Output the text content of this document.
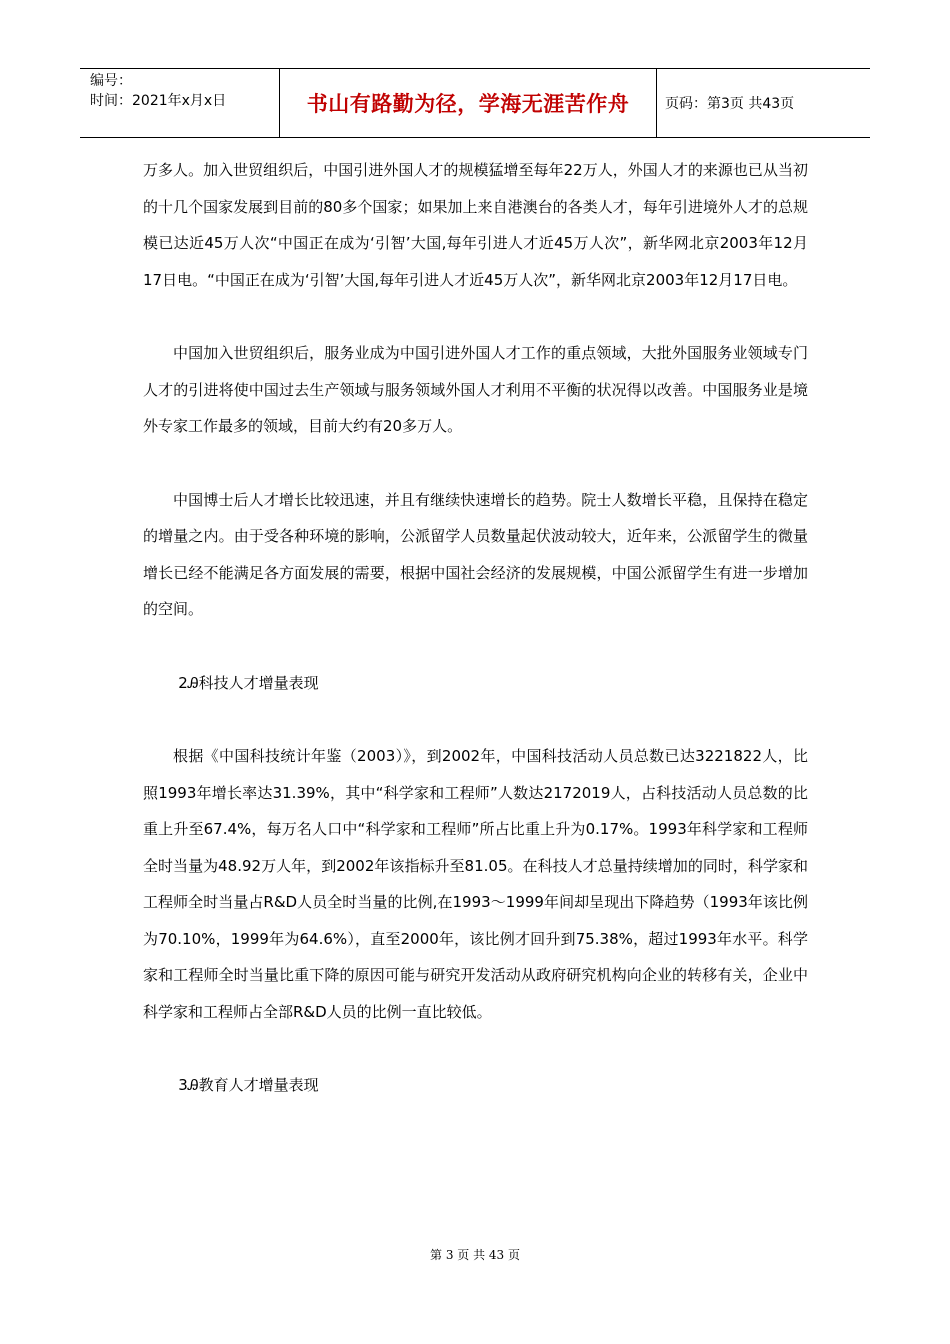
编号：
时间：2021年x月x日	书山有路勤为径，学海无涯苦作舟	页码：第3页 共43页

万多人。加入世贸组织后，中国引进外国人才的规模猛增至每年22万人，外国人才的来源也已从当初的十几个国家发展到目前的80多个国家；如果加上来自港澳台的各类人才，每年引进境外人才的总规模已达近45万人次“中国正在成为‘引智’大国,每年引进人才近45万人次”，新华网北京2003年12月17日电。“中国正在成为‘引智’大国,每年引进人才近45万人次”，新华网北京2003年12月17日电。

中国加入世贸组织后，服务业成为中国引进外国人才工作的重点领域，大批外国服务业领域专门人才的引进将使中国过去生产领域与服务领域外国人才利用不平衡的状况得以改善。中国服务业是境外专家工作最多的领域，目前大约有20多万人。

中国博士后人才增长比较迅速，并且有继续快速增长的趋势。院士人数增长平稳，且保持在稳定的增量之内。由于受各种环境的影响，公派留学人员数量起伏波动较大，近年来，公派留学生的微量增长已经不能满足各方面发展的需要，根据中国社会经济的发展规模，中国公派留学生有进一步增加的空间。

2Ꭿ科技人才增量表现

根据《中国科技统计年鉴（2003）》，到2002年，中国科技活动人员总数已达3221822人，比照1993年增长率达31.39%，其中“科学家和工程师”人数达2172019人，占科技活动人员总数的比重上升至67.4%，每万名人口中“科学家和工程师”所占比重上升为0.17%。1993年科学家和工程师全时当量为48.92万人年，到2002年该指标升至81.05。在科技人才总量持续增加的同时，科学家和工程师全时当量占R&D人员全时当量的比例,在1993～1999年间却呈现出下降趋势（1993年该比例为70.10%，1999年为64.6%），直至2000年，该比例才回升到75.38%，超过1993年水平。科学家和工程师全时当量比重下降的原因可能与研究开发活动从政府研究机构向企业的转移有关，企业中科学家和工程师占全部R&D人员的比例一直比较低。

3Ꭿ教育人才增量表现

第 3 页 共 43 页
